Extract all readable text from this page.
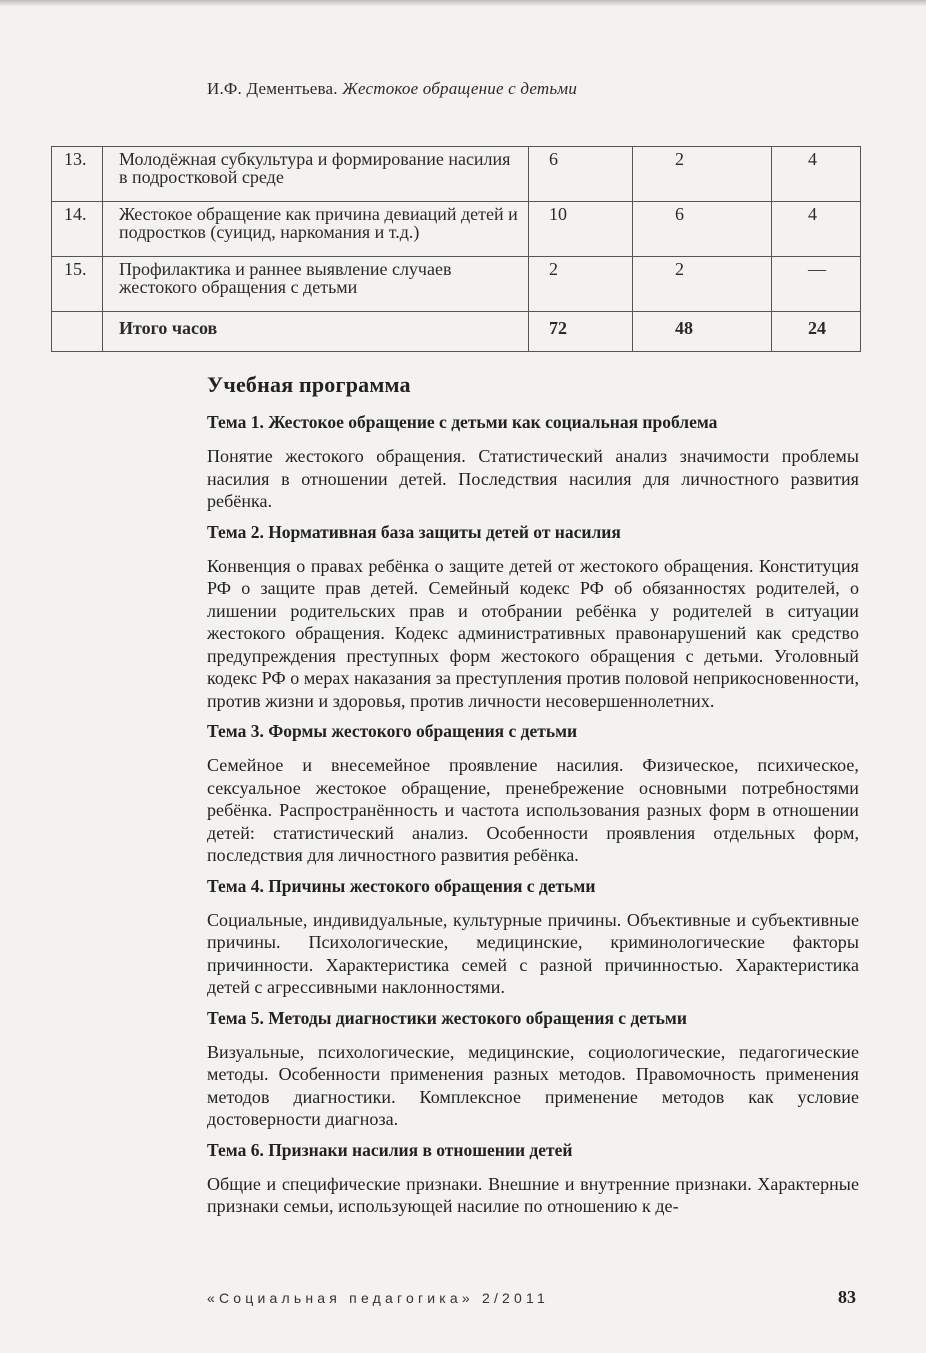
И.Ф. Дементьева. Жестокое обращение с детьми
13.	Молодёжная субкультура и формирование насилия в подростковой среде	6	2	4
14.	Жестокое обращение как причина девиаций детей и подростков (суицид, наркомания и т.д.)	10	6	4
15.	Профилактика и раннее выявление случаев жестокого обращения с детьми	2	2	—
	Итого часов	72	48	24
Учебная программа
Тема 1. Жестокое обращение с детьми как социальная проблема

Понятие жестокого обращения. Статистический анализ значимости проблемы насилия в отношении детей. Последствия насилия для личностного развития ребёнка.

Тема 2. Нормативная база защиты детей от насилия

Конвенция о правах ребёнка о защите детей от жестокого обращения. Конституция РФ о защите прав детей. Семейный кодекс РФ об обязанностях родителей, о лишении родительских прав и отобрании ребёнка у родителей в ситуации жестокого обращения. Кодекс административных правонарушений как средство предупреждения преступных форм жестокого обращения с детьми. Уголовный кодекс РФ о мерах наказания за преступления против половой неприкосновенности, против жизни и здоровья, против личности несовершеннолетних.

Тема 3. Формы жестокого обращения с детьми

Семейное и внесемейное проявление насилия. Физическое, психическое, сексуальное жестокое обращение, пренебрежение основными потребностями ребёнка. Распространённость и частота использования разных форм в отношении детей: статистический анализ. Особенности проявления отдельных форм, последствия для личностного развития ребёнка.

Тема 4. Причины жестокого обращения с детьми

Социальные, индивидуальные, культурные причины. Объективные и субъективные причины. Психологические, медицинские, криминологические факторы причинности. Характеристика семей с разной причинностью. Характеристика детей с агрессивными наклонностями.

Тема 5. Методы диагностики жестокого обращения с детьми

Визуальные, психологические, медицинские, социологические, педагогические методы. Особенности применения разных методов. Правомочность применения методов диагностики. Комплексное применение методов как условие достоверности диагноза.

Тема 6. Признаки насилия в отношении детей

Общие и специфические признаки. Внешние и внутренние признаки. Характерные признаки семьи, использующей насилие по отношению к де-

«Социальная педагогика» 2/2011	83
